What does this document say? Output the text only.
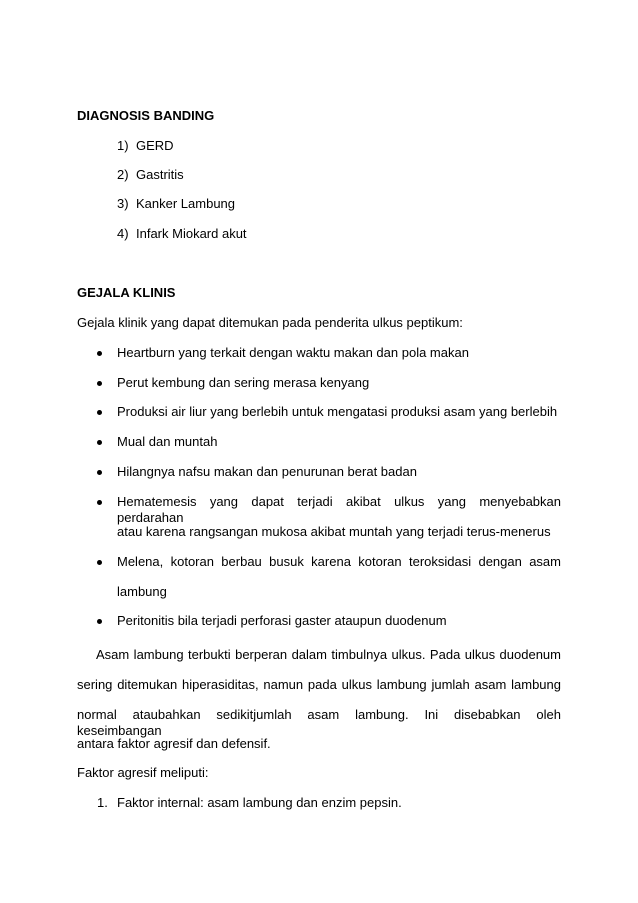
DIAGNOSIS BANDING
1) GERD
2) Gastritis
3) Kanker Lambung
4) Infark Miokard akut
GEJALA KLINIS
Gejala klinik yang dapat ditemukan pada penderita ulkus peptikum:
Heartburn yang terkait dengan waktu makan dan pola makan
Perut kembung dan sering merasa kenyang
Produksi air liur yang berlebih untuk mengatasi produksi asam yang berlebih
Mual dan muntah
Hilangnya nafsu makan dan penurunan berat badan
Hematemesis yang dapat terjadi akibat ulkus yang menyebabkan perdarahan
atau karena rangsangan mukosa akibat muntah yang terjadi terus-menerus
Melena, kotoran berbau busuk karena kotoran teroksidasi dengan asam
lambung
Peritonitis bila terjadi perforasi gaster ataupun duodenum
Asam lambung terbukti berperan dalam timbulnya ulkus. Pada ulkus duodenum
sering ditemukan hiperasiditas, namun pada ulkus lambung jumlah asam lambung
normal ataubahkan sedikitjumlah asam lambung. Ini disebabkan oleh keseimbangan
antara faktor agresif dan defensif.
Faktor agresif meliputi:
1. Faktor internal: asam lambung dan enzim pepsin.
